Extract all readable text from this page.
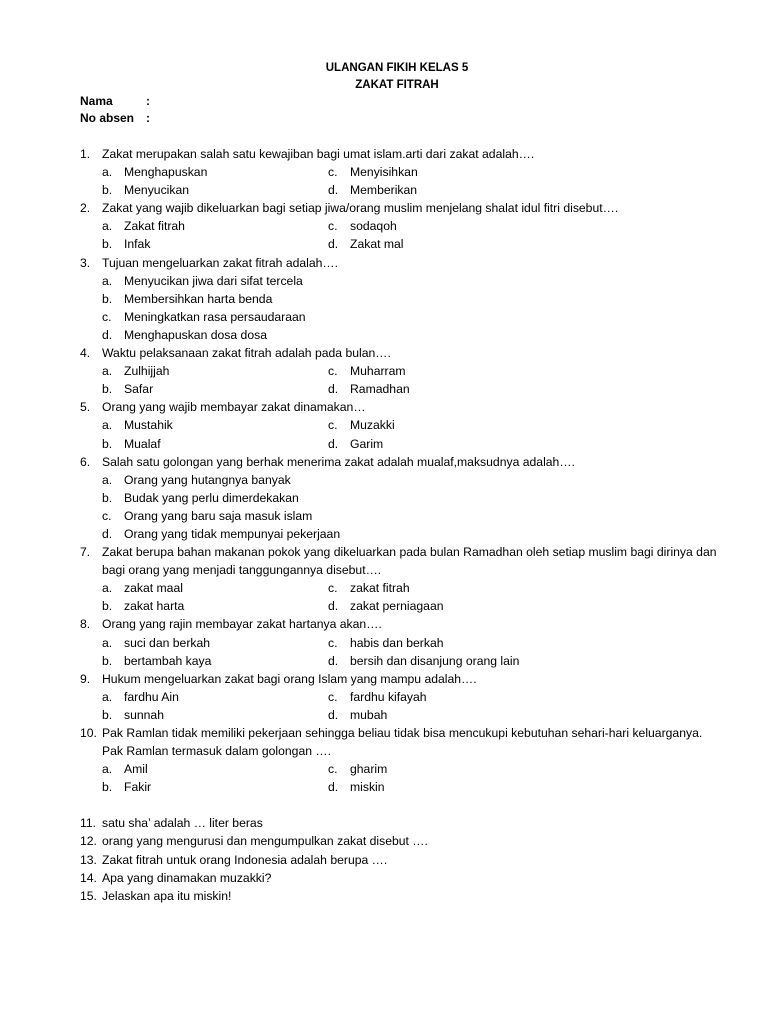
ULANGAN FIKIH KELAS 5
ZAKAT FITRAH
Nama	:
No absen :
1. Zakat merupakan salah satu kewajiban bagi umat islam.arti dari zakat adalah….
a. Menghapuskan	c.	Menyisihkan
b. Menyucikan	d. Memberikan
2. Zakat yang wajib dikeluarkan bagi setiap jiwa/orang muslim menjelang shalat idul fitri disebut….
a. Zakat fitrah	c.	sodaqoh
b. Infak	d. Zakat mal
3. Tujuan mengeluarkan zakat fitrah adalah….
a. Menyucikan jiwa dari sifat tercela
b. Membersihkan harta benda
c.	Meningkatkan rasa persaudaraan
d. Menghapuskan dosa dosa
4. Waktu pelaksanaan zakat fitrah adalah pada bulan….
a. Zulhijjah	c.	Muharram
b. Safar	d. Ramadhan
5. Orang yang wajib membayar zakat dinamakan…
a. Mustahik	c.	Muzakki
b. Mualaf	d. Garim
6. Salah satu golongan yang berhak menerima zakat adalah mualaf,maksudnya adalah….
a. Orang yang hutangnya banyak
b. Budak yang perlu dimerdekakan
c.	Orang yang baru saja masuk islam
d. Orang yang tidak mempunyai pekerjaan
7. Zakat berupa bahan makanan pokok yang dikeluarkan pada bulan Ramadhan oleh setiap muslim bagi dirinya dan bagi orang yang menjadi tanggungannya disebut….
a. zakat maal	c.	zakat fitrah
b. zakat harta	d. zakat perniagaan
8. Orang yang rajin membayar zakat hartanya akan….
a. suci dan berkah	c.	habis dan berkah
b. bertambah kaya	d. bersih dan disanjung orang lain
9. Hukum mengeluarkan zakat bagi orang Islam yang mampu adalah….
a. fardhu Ain	c.	fardhu kifayah
b. sunnah	d. mubah
10. Pak Ramlan tidak memiliki pekerjaan sehingga beliau tidak bisa mencukupi kebutuhan sehari-hari keluarganya. Pak Ramlan termasuk dalam golongan ….
a. Amil	c.	gharim
b. Fakir	d. miskin
11. satu sha’ adalah … liter beras
12. orang yang mengurusi dan mengumpulkan zakat disebut ….
13. Zakat fitrah untuk orang Indonesia adalah berupa ….
14. Apa yang dinamakan muzakki?
15. Jelaskan apa itu miskin!
